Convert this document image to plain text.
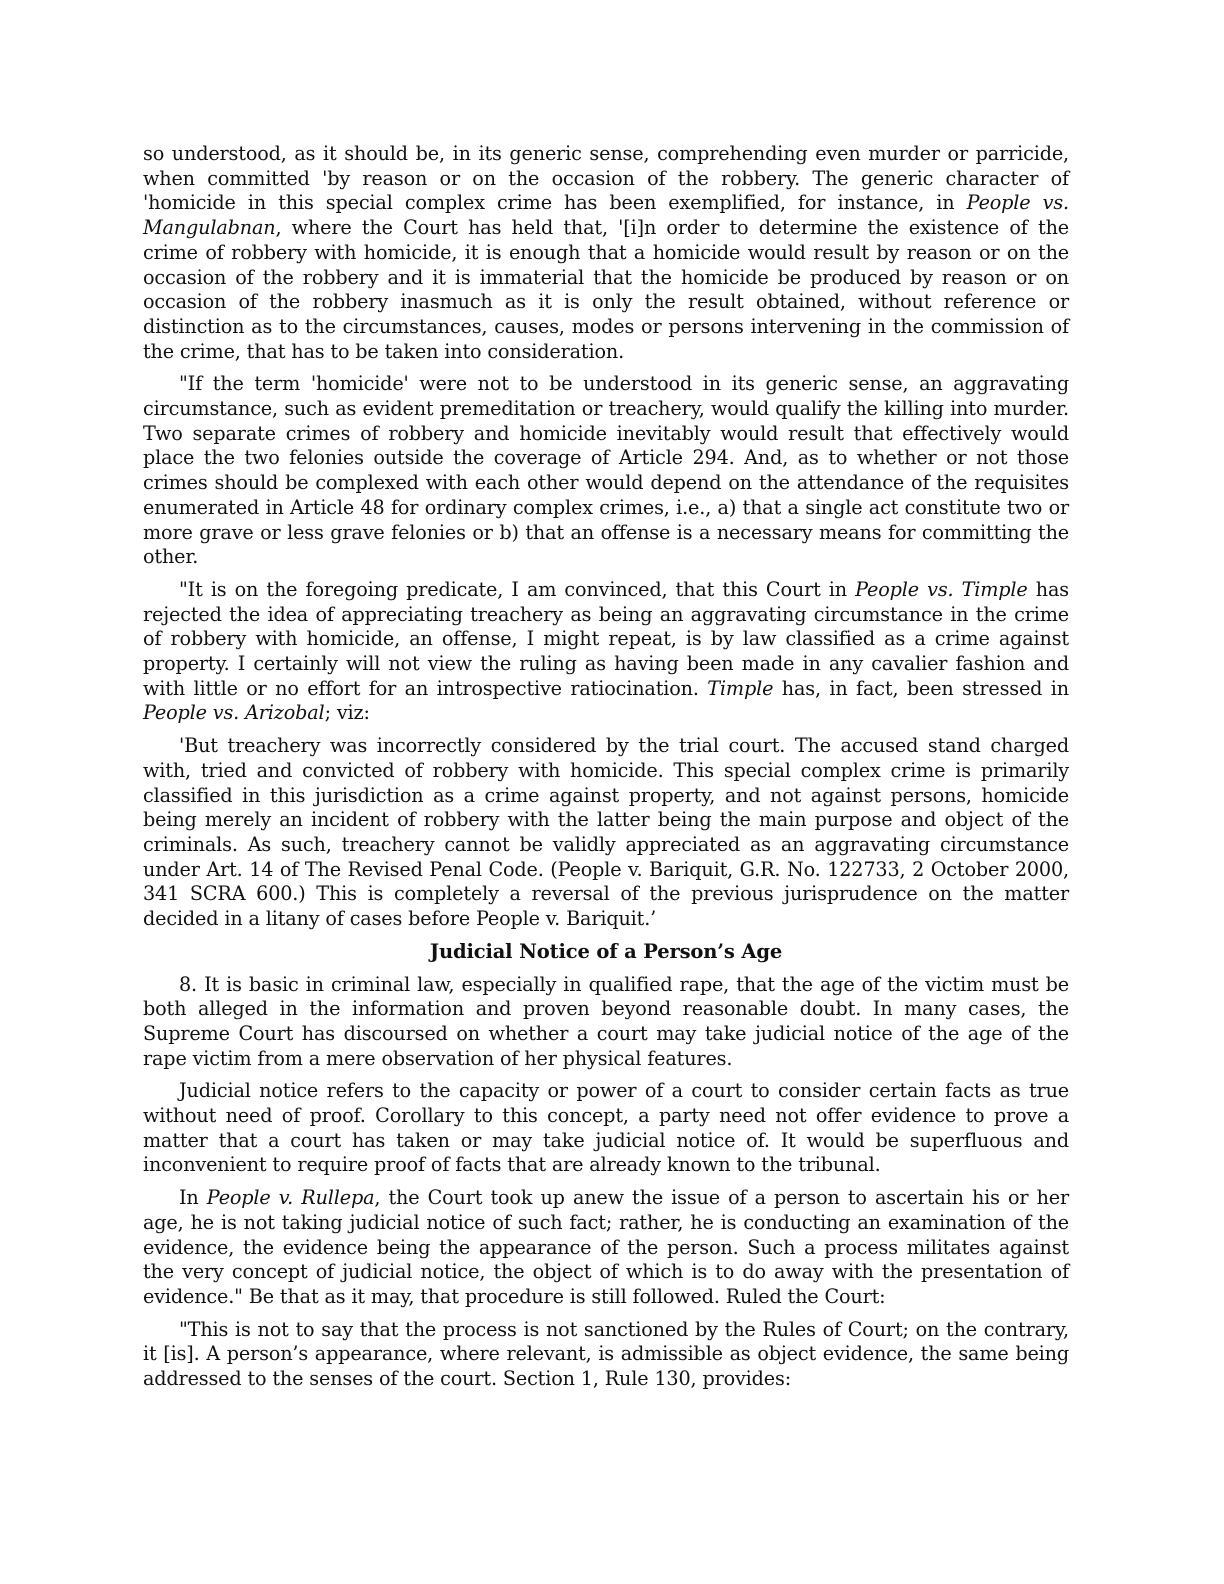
so understood, as it should be, in its generic sense, comprehending even murder or parricide, when committed 'by reason or on the occasion of the robbery. The generic character of 'homicide in this special complex crime has been exemplified, for instance, in People vs. Mangulabnan, where the Court has held that, '[i]n order to determine the existence of the crime of robbery with homicide, it is enough that a homicide would result by reason or on the occasion of the robbery and it is immaterial that the homicide be produced by reason or on occasion of the robbery inasmuch as it is only the result obtained, without reference or distinction as to the circumstances, causes, modes or persons intervening in the commission of the crime, that has to be taken into consideration.

"If the term 'homicide' were not to be understood in its generic sense, an aggravating circumstance, such as evident premeditation or treachery, would qualify the killing into murder. Two separate crimes of robbery and homicide inevitably would result that effectively would place the two felonies outside the coverage of Article 294. And, as to whether or not those crimes should be complexed with each other would depend on the attendance of the requisites enumerated in Article 48 for ordinary complex crimes, i.e., a) that a single act constitute two or more grave or less grave felonies or b) that an offense is a necessary means for committing the other.

"It is on the foregoing predicate, I am convinced, that this Court in People vs. Timple has rejected the idea of appreciating treachery as being an aggravating circumstance in the crime of robbery with homicide, an offense, I might repeat, is by law classified as a crime against property. I certainly will not view the ruling as having been made in any cavalier fashion and with little or no effort for an introspective ratiocination. Timple has, in fact, been stressed in People vs. Arizobal; viz:

'But treachery was incorrectly considered by the trial court. The accused stand charged with, tried and convicted of robbery with homicide. This special complex crime is primarily classified in this jurisdiction as a crime against property, and not against persons, homicide being merely an incident of robbery with the latter being the main purpose and object of the criminals. As such, treachery cannot be validly appreciated as an aggravating circumstance under Art. 14 of The Revised Penal Code. (People v. Bariquit, G.R. No. 122733, 2 October 2000, 341 SCRA 600.) This is completely a reversal of the previous jurisprudence on the matter decided in a litany of cases before People v. Bariquit.’

Judicial Notice of a Person’s Age

8. It is basic in criminal law, especially in qualified rape, that the age of the victim must be both alleged in the information and proven beyond reasonable doubt. In many cases, the Supreme Court has discoursed on whether a court may take judicial notice of the age of the rape victim from a mere observation of her physical features.

Judicial notice refers to the capacity or power of a court to consider certain facts as true without need of proof. Corollary to this concept, a party need not offer evidence to prove a matter that a court has taken or may take judicial notice of. It would be superfluous and inconvenient to require proof of facts that are already known to the tribunal.

In People v. Rullepa, the Court took up anew the issue of a person to ascertain his or her age, he is not taking judicial notice of such fact; rather, he is conducting an examination of the evidence, the evidence being the appearance of the person. Such a process militates against the very concept of judicial notice, the object of which is to do away with the presentation of evidence." Be that as it may, that procedure is still followed. Ruled the Court:

"This is not to say that the process is not sanctioned by the Rules of Court; on the contrary, it [is]. A person’s appearance, where relevant, is admissible as object evidence, the same being addressed to the senses of the court. Section 1, Rule 130, provides:
